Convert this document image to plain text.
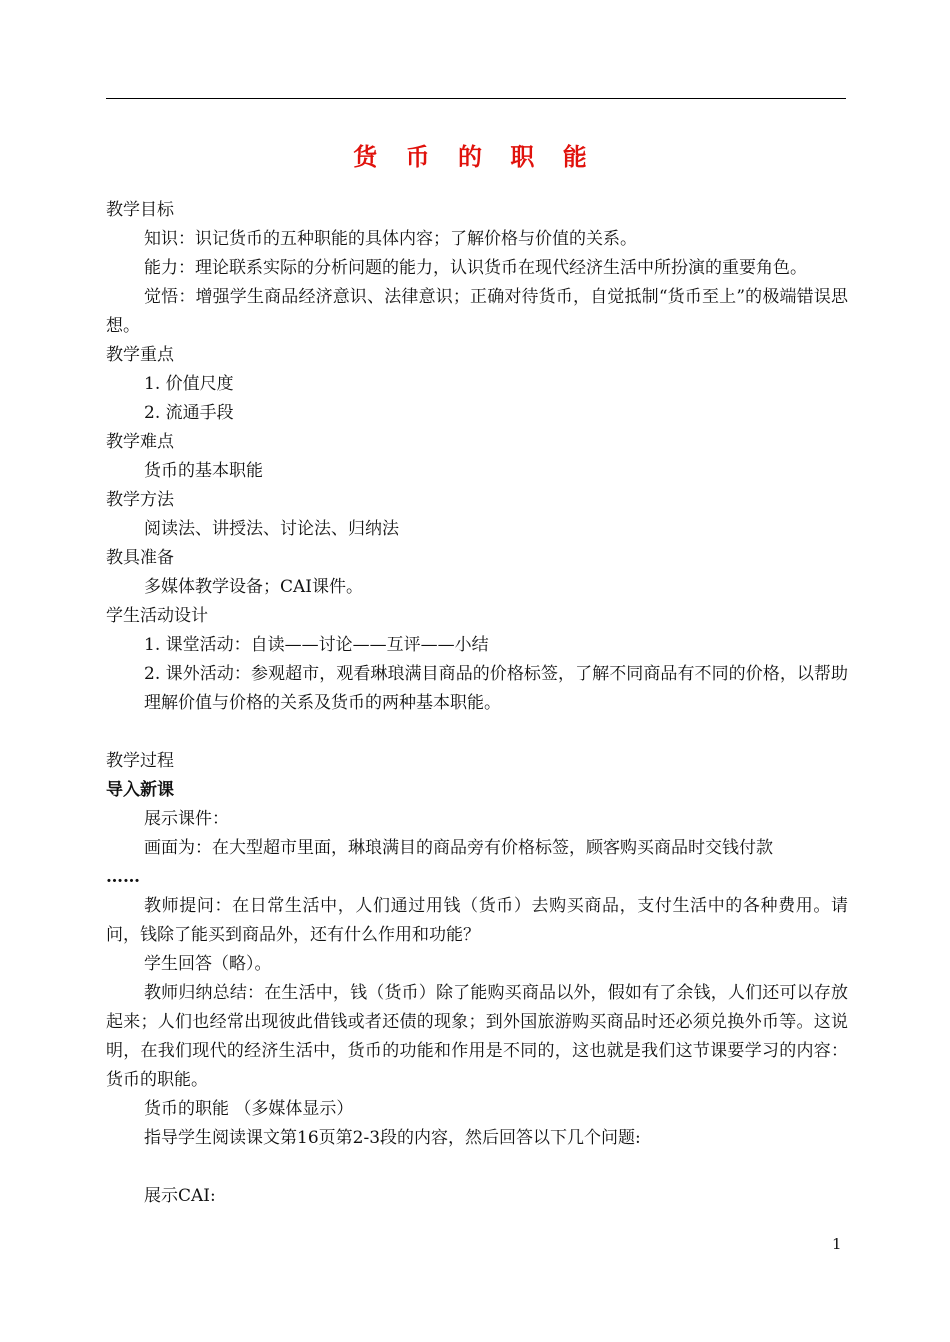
货 币 的 职 能

教学目标

知识：识记货币的五种职能的具体内容；了解价格与价值的关系。

能力：理论联系实际的分析问题的能力，认识货币在现代经济生活中所扮演的重要角色。

觉悟：增强学生商品经济意识、法律意识；正确对待货币，自觉抵制“货币至上”的极端错误思想。

教学重点

1. 价值尺度

2. 流通手段

教学难点

货币的基本职能

教学方法

阅读法、讲授法、讨论法、归纳法

教具准备

多媒体教学设备；CAI课件。

学生活动设计

1. 课堂活动：自读——讨论——互评——小结

2. 课外活动：参观超市，观看琳琅满目商品的价格标签，了解不同商品有不同的价格，以帮助理解价值与价格的关系及货币的两种基本职能。

教学过程

导入新课

展示课件：

画面为：在大型超市里面，琳琅满目的商品旁有价格标签，顾客购买商品时交钱付款

……

教师提问：在日常生活中，人们通过用钱（货币）去购买商品，支付生活中的各种费用。请问，钱除了能买到商品外，还有什么作用和功能？

学生回答（略）。

教师归纳总结：在生活中，钱（货币）除了能购买商品以外，假如有了余钱，人们还可以存放起来；人们也经常出现彼此借钱或者还债的现象；到外国旅游购买商品时还必须兑换外币等。这说明，在我们现代的经济生活中，货币的功能和作用是不同的，这也就是我们这节课要学习的内容：货币的职能。

货币的职能 （多媒体显示）

指导学生阅读课文第16页第2-3段的内容，然后回答以下几个问题:

展示CAI:

1
